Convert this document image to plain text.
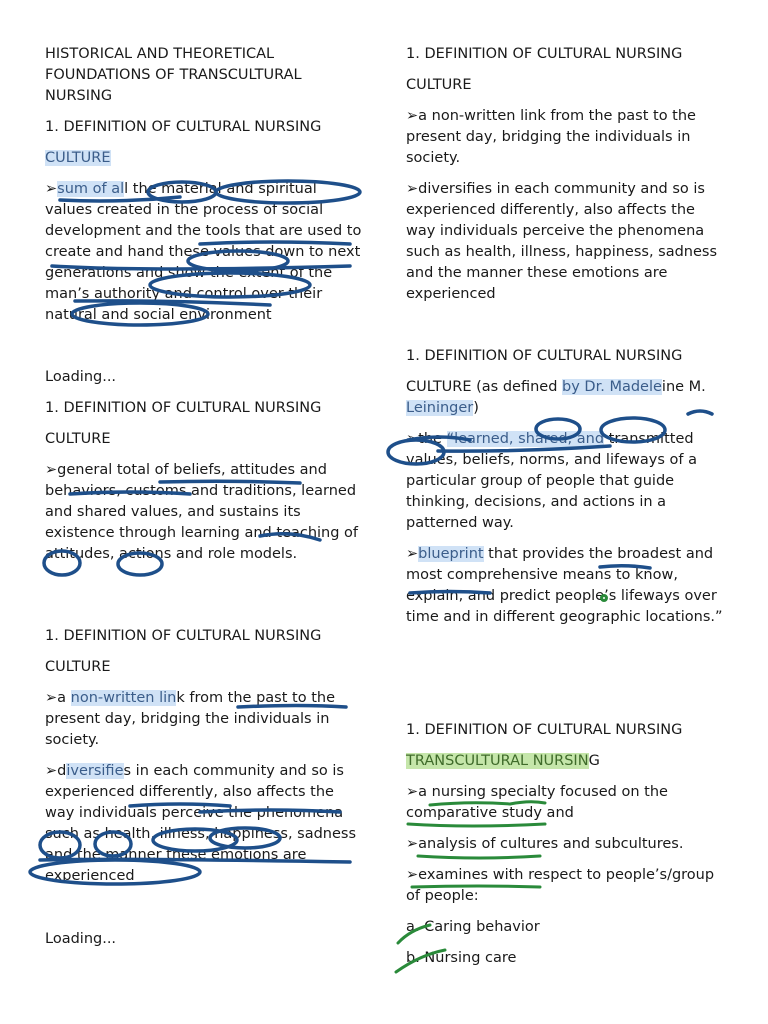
HISTORICAL AND THEORETICAL FOUNDATIONS OF TRANSCULTURAL NURSING

1. DEFINITION OF CULTURAL NURSING

CULTURE

➢sum of all the material and spiritual values created in the process of social development and the tools that are used to create and hand these values down to next generations and show the extent of the man’s authority and control over their natural and social environment

Loading...

1. DEFINITION OF CULTURAL NURSING

CULTURE

➢general total of beliefs, attitudes and behaviors, customs and traditions, learned and shared values, and sustains its existence through learning and teaching of attitudes, actions and role models.

1. DEFINITION OF CULTURAL NURSING

CULTURE

➢a non-written link from the past to the present day, bridging the individuals in society.

➢diversifies in each community and so is experienced differently, also affects the way individuals perceive the phenomena such as health, illness, happiness, sadness and the manner these emotions are experienced

Loading...

1. DEFINITION OF CULTURAL NURSING

CULTURE

➢a non-written link from the past to the present day, bridging the individuals in society.

➢diversifies in each community and so is experienced differently, also affects the way individuals perceive the phenomena such as health, illness, happiness, sadness and the manner these emotions are experienced

1. DEFINITION OF CULTURAL NURSING

CULTURE (as defined by Dr. Madeleine M. Leininger)

➢the “learned, shared, and transmitted values, beliefs, norms, and lifeways of a particular group of people that guide thinking, decisions, and actions in a patterned way.

➢blueprint that provides the broadest and most comprehensive means to know, explain, and predict people’s lifeways over time and in different geographic locations.”

1. DEFINITION OF CULTURAL NURSING

TRANSCULTURAL NURSING

➢a nursing specialty focused on the comparative study and

➢analysis of cultures and subcultures.

➢examines with respect to people’s/group of people:

a. Caring behavior

b. Nursing care
